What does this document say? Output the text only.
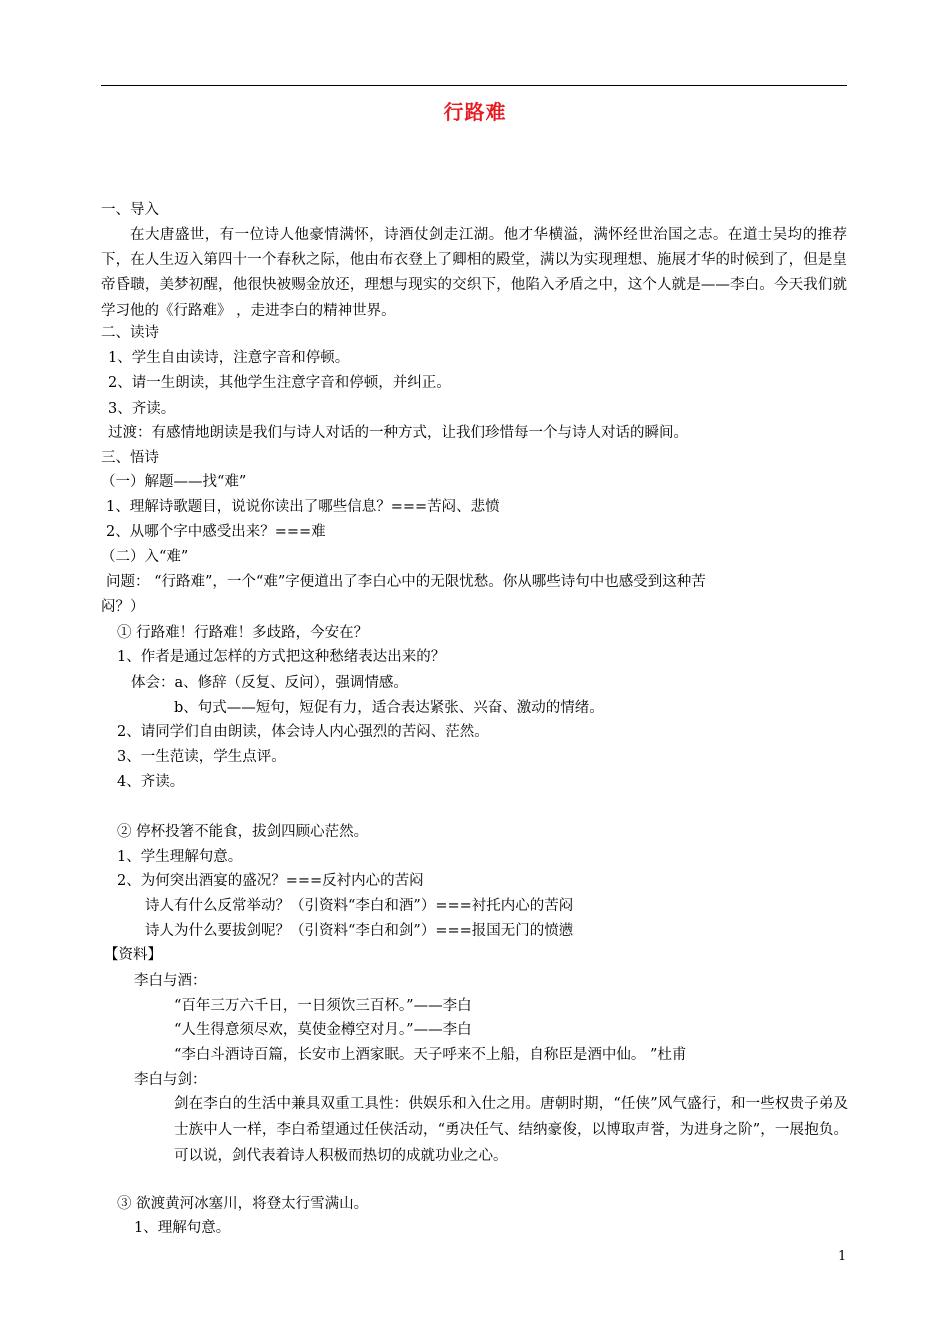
行路难
一、导入
在大唐盛世，有一位诗人他豪情满怀，诗酒仗剑走江湖。他才华横溢，满怀经世治国之志。在道士吴均的推荐下，在人生迈入第四十一个春秋之际，他由布衣登上了卿相的殿堂，满以为实现理想、施展才华的时候到了，但是皇帝昏聩，美梦初醒，他很快被赐金放还，理想与现实的交织下，他陷入矛盾之中，这个人就是——李白。今天我们就学习他的《行路难》 ，走进李白的精神世界。
二、读诗
1、学生自由读诗，注意字音和停顿。
2、请一生朗读，其他学生注意字音和停顿，并纠正。
3、齐读。
过渡：有感情地朗读是我们与诗人对话的一种方式，让我们珍惜每一个与诗人对话的瞬间。
三、悟诗
（一）解题——找“难”
1、理解诗歌题目，说说你读出了哪些信息？===苦闷、悲愤
2、从哪个字中感受出来？===难
（二）入“难”
问题： “行路难”，一个“难”字便道出了李白心中的无限忧愁。你从哪些诗句中也感受到这种苦
闷？）
① 行路难！行路难！多歧路，今安在？
1、作者是通过怎样的方式把这种愁绪表达出来的？
体会：a、修辞（反复、反问），强调情感。
b、句式——短句，短促有力，适合表达紧张、兴奋、激动的情绪。
2、请同学们自由朗读，体会诗人内心强烈的苦闷、茫然。
3、一生范读，学生点评。
4、齐读。
② 停杯投箸不能食，拔剑四顾心茫然。
1、学生理解句意。
2、为何突出酒宴的盛况？===反衬内心的苦闷
诗人有什么反常举动？（引资料“李白和酒”）===衬托内心的苦闷
诗人为什么要拔剑呢？（引资料“李白和剑”）===报国无门的愤懑
【资料】
李白与酒：
“百年三万六千日，一日须饮三百杯。”——李白
“人生得意须尽欢，莫使金樽空对月。”——李白
“李白斗酒诗百篇，长安市上酒家眠。天子呼来不上船，自称臣是酒中仙。 ”杜甫
李白与剑：
剑在李白的生活中兼具双重工具性：供娱乐和入仕之用。唐朝时期，“任侠”风气盛行，和一些权贵子弟及士族中人一样，李白希望通过任侠活动，“勇决任气、结纳豪俊，以博取声誉，为进身之阶”，一展抱负。可以说，剑代表着诗人积极而热切的成就功业之心。
③ 欲渡黄河冰塞川，将登太行雪满山。
1、理解句意。
1
